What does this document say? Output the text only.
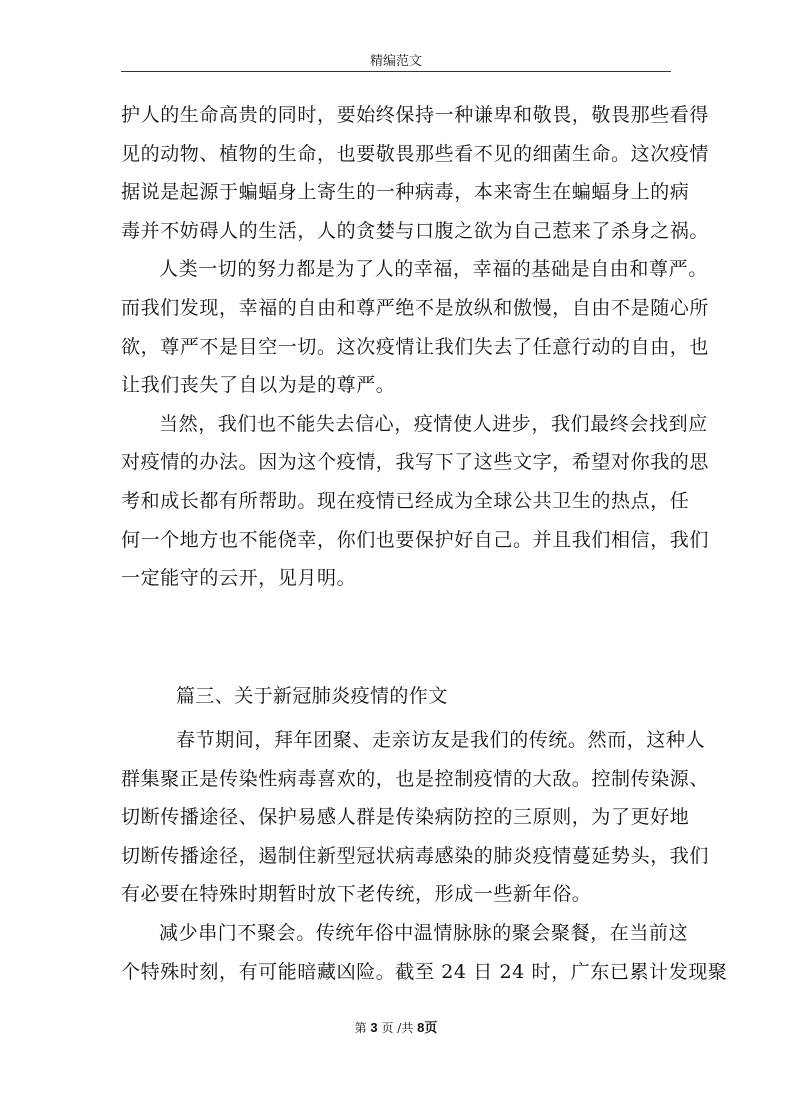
精编范文
护人的生命高贵的同时，要始终保持一种谦卑和敬畏，敬畏那些看得
见的动物、植物的生命，也要敬畏那些看不见的细菌生命。这次疫情
据说是起源于蝙蝠身上寄生的一种病毒，本来寄生在蝙蝠身上的病
毒并不妨碍人的生活，人的贪婪与口腹之欲为自己惹来了杀身之祸。
人类一切的努力都是为了人的幸福，幸福的基础是自由和尊严。
而我们发现，幸福的自由和尊严绝不是放纵和傲慢，自由不是随心所
欲，尊严不是目空一切。这次疫情让我们失去了任意行动的自由，也
让我们丧失了自以为是的尊严。
当然，我们也不能失去信心，疫情使人进步，我们最终会找到应
对疫情的办法。因为这个疫情，我写下了这些文字，希望对你我的思
考和成长都有所帮助。现在疫情已经成为全球公共卫生的热点，任
何一个地方也不能侥幸，你们也要保护好自己。并且我们相信，我们
一定能守的云开，见月明。
篇三、关于新冠肺炎疫情的作文
春节期间，拜年团聚、走亲访友是我们的传统。然而，这种人
群集聚正是传染性病毒喜欢的，也是控制疫情的大敌。控制传染源、
切断传播途径、保护易感人群是传染病防控的三原则，为了更好地
切断传播途径，遏制住新型冠状病毒感染的肺炎疫情蔓延势头，我们
有必要在特殊时期暂时放下老传统，形成一些新年俗。
减少串门不聚会。传统年俗中温情脉脉的聚会聚餐，在当前这
个特殊时刻，有可能暗藏凶险。截至 24 日 24 时，广东已累计发现聚
第 3 页 /共 8页
